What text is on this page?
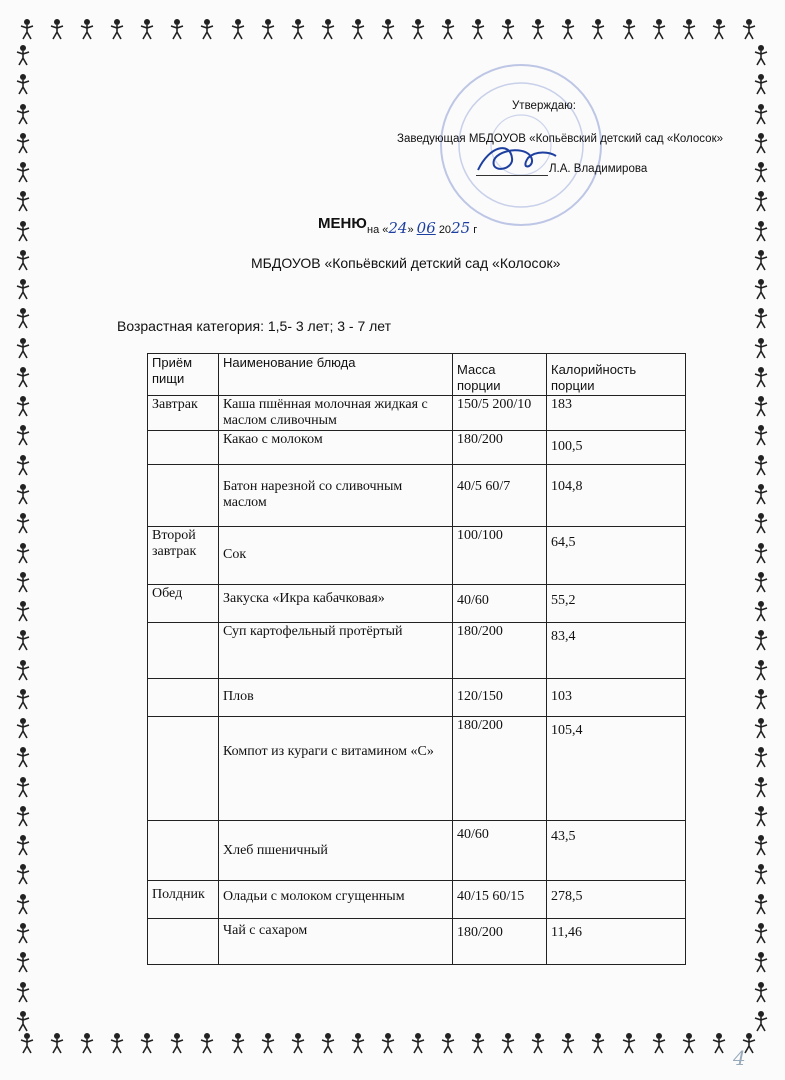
Утверждаю:
Заведующая МБДОУОВ «Копьёвский детский сад «Колосок»
Л.А. Владимирова
МЕНЮ на «24» 06 2025 г
МБДОУОВ «Копьёвский детский сад «Колосок»
Возрастная категория: 1,5- 3 лет; 3 - 7 лет
Приём пищи	Наименование блюда	Масса порции	Калорийность порции
Завтрак	Каша пшённая молочная жидкая с маслом сливочным	150/5 200/10	183
	Какао с молоком	180/200	100,5
	Батон нарезной со сливочным маслом	40/5 60/7	104,8
Второй завтрак	Сок	100/100	64,5
Обед	Закуска «Икра кабачковая»	40/60	55,2
	Суп картофельный протёртый	180/200	83,4
	Плов	120/150	103
	Компот из кураги с витамином «С»	180/200	105,4
	Хлеб пшеничный	40/60	43,5
Полдник	Оладьи с молоком сгущенным	40/15 60/15	278,5
	Чай с сахаром	180/200	11,46
4
